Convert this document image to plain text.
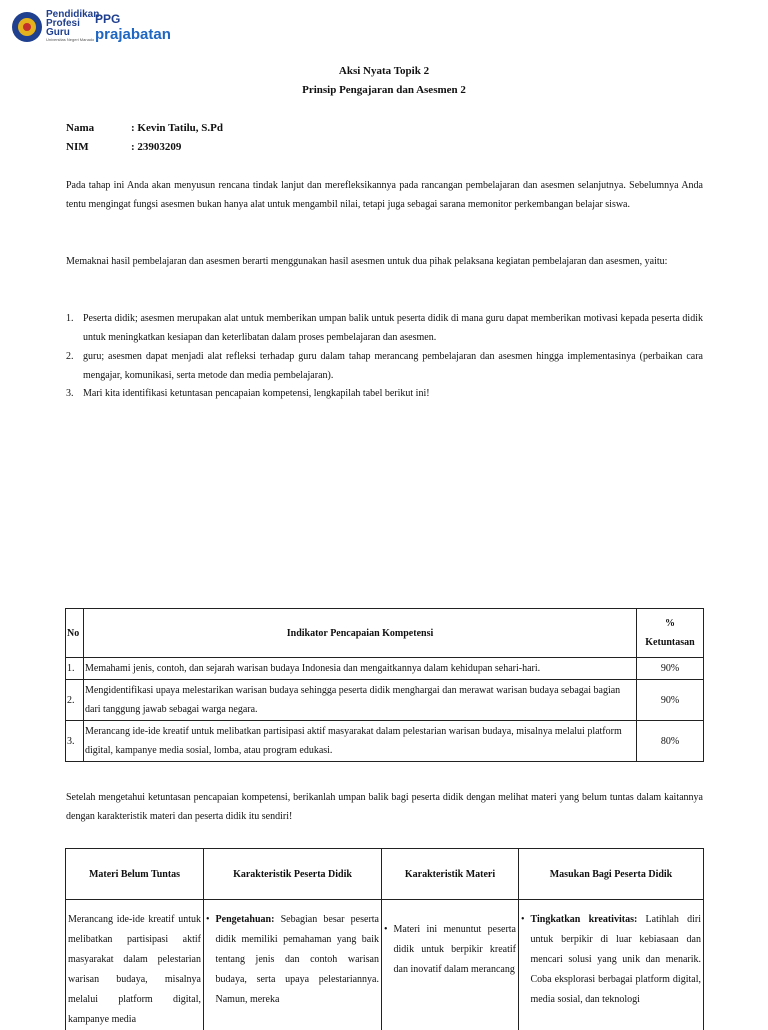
Pendidikan
Profesi
Guru
Universitas Negeri Manado
PPG
prajabatan
Aksi Nyata Topik 2
Prinsip Pengajaran dan Asesmen 2
Nama	: Kevin Tatilu, S.Pd
NIM	: 23903209
Pada tahap ini Anda akan menyusun rencana tindak lanjut dan merefleksikannya pada rancangan pembelajaran dan asesmen selanjutnya. Sebelumnya Anda tentu mengingat fungsi asesmen bukan hanya alat untuk mengambil nilai, tetapi juga sebagai sarana memonitor perkembangan belajar siswa.
Memaknai hasil pembelajaran dan asesmen berarti menggunakan hasil asesmen untuk dua pihak pelaksana kegiatan pembelajaran dan asesmen, yaitu:
1. Peserta didik; asesmen merupakan alat untuk memberikan umpan balik untuk peserta didik di mana guru dapat memberikan motivasi kepada peserta didik untuk meningkatkan kesiapan dan keterlibatan dalam proses pembelajaran dan asesmen.
2. guru; asesmen dapat menjadi alat refleksi terhadap guru dalam tahap merancang pembelajaran dan asesmen hingga implementasinya (perbaikan cara mengajar, komunikasi, serta metode dan media pembelajaran).
3. Mari kita identifikasi ketuntasan pencapaian kompetensi, lengkapilah tabel berikut ini!
No	Indikator Pencapaian Kompetensi	%
Ketuntasan

1.	Memahami jenis, contoh, dan sejarah warisan budaya Indonesia dan mengaitkannya dalam kehidupan sehari-hari.	90%
2.	Mengidentifikasi upaya melestarikan warisan budaya sehingga peserta didik menghargai dan merawat warisan budaya sebagai bagian dari tanggung jawab sebagai warga negara.	90%
3.	Merancang ide-ide kreatif untuk melibatkan partisipasi aktif masyarakat dalam pelestarian warisan budaya, misalnya melalui platform digital, kampanye media sosial, lomba, atau program edukasi.	80%
Setelah mengetahui ketuntasan pencapaian kompetensi, berikanlah umpan balik bagi peserta didik dengan melihat materi yang belum tuntas dalam kaitannya dengan karakteristik materi dan peserta didik itu sendiri!
Materi Belum Tuntas	Karakteristik Peserta Didik	Karakteristik Materi	Masukan Bagi Peserta Didik
Merancang ide-ide kreatif untuk melibatkan partisipasi aktif masyarakat dalam pelestarian warisan budaya, misalnya melalui platform digital, kampanye media	• Pengetahuan: Sebagian besar peserta didik memiliki pemahaman yang baik tentang jenis dan contoh warisan budaya, serta upaya pelestariannya. Namun, mereka	• Materi ini menuntut peserta didik untuk berpikir kreatif dan inovatif dalam merancang	• Tingkatkan kreativitas: Latihlah diri untuk berpikir di luar kebiasaan dan mencari solusi yang unik dan menarik. Coba eksplorasi berbagai platform digital, media sosial, dan teknologi
